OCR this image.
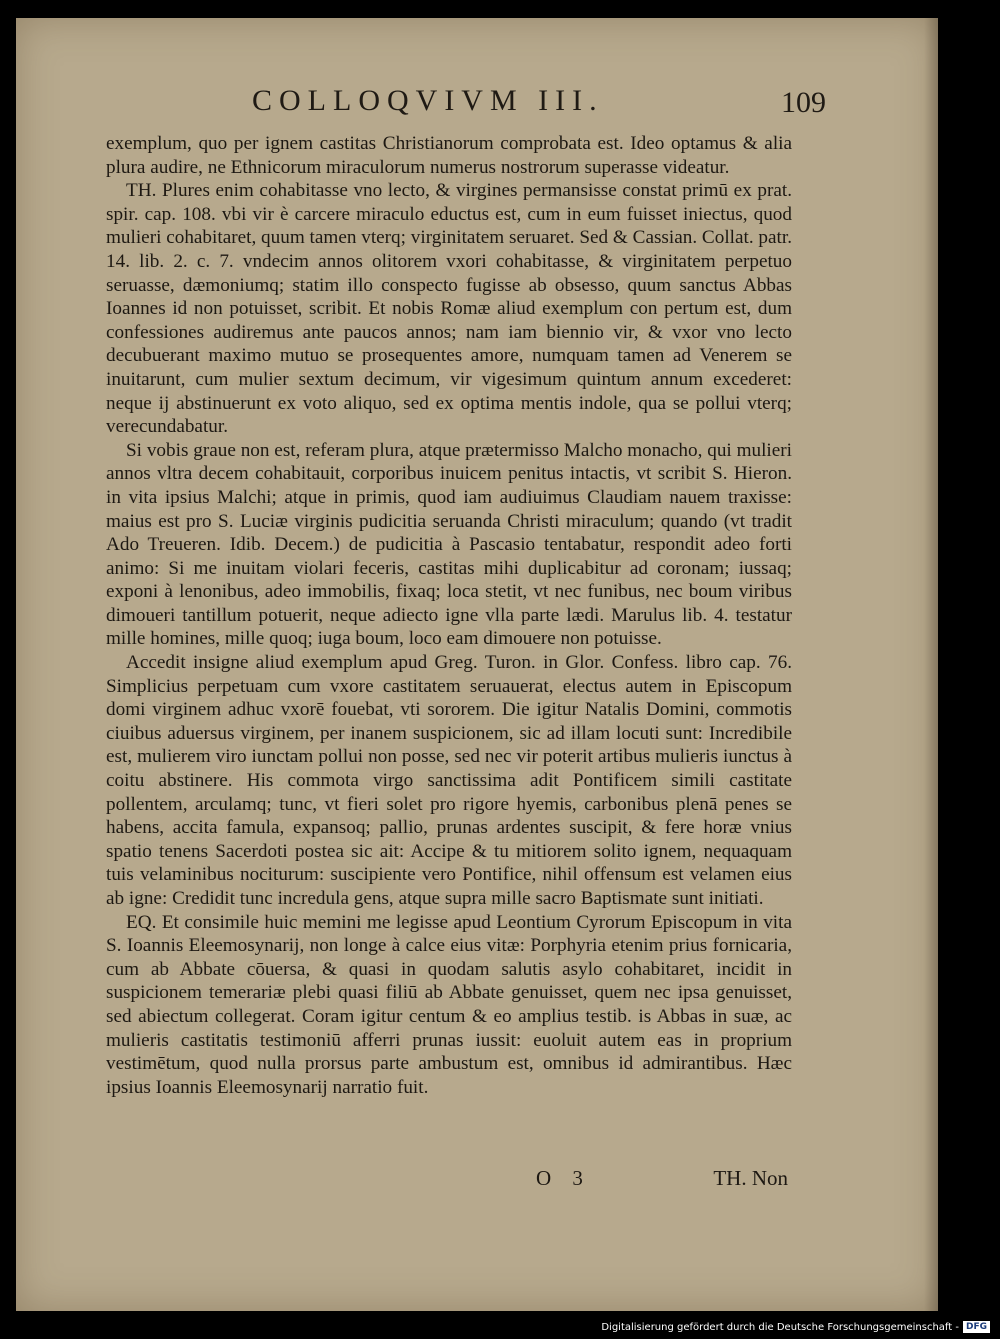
COLLOQVIVM III.	109

exemplum, quo per ignem castitas Christianorum comprobata est. Ideo optamus & alia plura audire, ne Ethnicorum miraculorum numerus nostrorum superasse videatur.

TH. Plures enim cohabitasse vno lecto, & virgines permansisse constat primū ex prat. spir. cap. 108. vbi vir è carcere miraculo eductus est, cum in eum fuisset iniectus, quod mulieri cohabitaret, quum tamen vterq; virginitatem seruaret. Sed & Cassian. Collat. patr. 14. lib. 2. c. 7. vndecim annos olitorem vxori cohabitasse, & virginitatem perpetuo seruasse, dæmoniumq; statim illo conspecto fugisse ab obsesso, quum sanctus Abbas Ioannes id non potuisset, scribit. Et nobis Romæ aliud exemplum con pertum est, dum confessiones audiremus ante paucos annos; nam iam biennio vir, & vxor vno lecto decubuerant maximo mutuo se prosequentes amore, numquam tamen ad Venerem se inuitarunt, cum mulier sextum decimum, vir vigesimum quintum annum excederet: neque ij abstinuerunt ex voto aliquo, sed ex optima mentis indole, qua se pollui vterq; verecundabatur.

Si vobis graue non est, referam plura, atque prætermisso Malcho monacho, qui mulieri annos vltra decem cohabitauit, corporibus inuicem penitus intactis, vt scribit S. Hieron. in vita ipsius Malchi; atque in primis, quod iam audiuimus Claudiam nauem traxisse: maius est pro S. Luciæ virginis pudicitia seruanda Christi miraculum; quando (vt tradit Ado Treueren. Idib. Decem.) de pudicitia à Pascasio tentabatur, respondit adeo forti animo: Si me inuitam violari feceris, castitas mihi duplicabitur ad coronam; iussaq; exponi à lenonibus, adeo immobilis, fixaq; loca stetit, vt nec funibus, nec boum viribus dimoueri tantillum potuerit, neque adiecto igne vlla parte lædi. Marulus lib. 4. testatur mille homines, mille quoq; iuga boum, loco eam dimouere non potuisse.

Accedit insigne aliud exemplum apud Greg. Turon. in Glor. Confess. libro cap. 76. Simplicius perpetuam cum vxore castitatem seruauerat, electus autem in Episcopum domi virginem adhuc vxorē fouebat, vti sororem. Die igitur Natalis Domini, commotis ciuibus aduersus virginem, per inanem suspicionem, sic ad illam locuti sunt: Incredibile est, mulierem viro iunctam pollui non posse, sed nec vir poterit artibus mulieris iunctus à coitu abstinere. His commota virgo sanctissima adit Pontificem simili castitate pollentem, arculamq; tunc, vt fieri solet pro rigore hyemis, carbonibus plenā penes se habens, accita famula, expansoq; pallio, prunas ardentes suscipit, & fere horæ vnius spatio tenens Sacerdoti postea sic ait: Accipe & tu mitiorem solito ignem, nequaquam tuis velaminibus nociturum: suscipiente vero Pontifice, nihil offensum est velamen eius ab igne: Credidit tunc incredula gens, atque supra mille sacro Baptismate sunt initiati.

EQ. Et consimile huic memini me legisse apud Leontium Cyrorum Episcopum in vita S. Ioannis Eleemosynarij, non longe à calce eius vitæ: Porphyria etenim prius fornicaria, cum ab Abbate cōuersa, & quasi in quodam salutis asylo cohabitaret, incidit in suspicionem temerariæ plebi quasi filiū ab Abbate genuisset, quem nec ipsa genuisset, sed abiectum collegerat. Coram igitur centum & eo amplius testib. is Abbas in suæ, ac mulieris castitatis testimoniū afferri prunas iussit: euoluit autem eas in proprium vestimētum, quod nulla prorsus parte ambustum est, omnibus id admirantibus. Hæc ipsius Ioannis Eleemosynarij narratio fuit.

O 3	TH. Non
Digitalisierung gefördert durch die Deutsche Forschungsgemeinschaft - DFG
